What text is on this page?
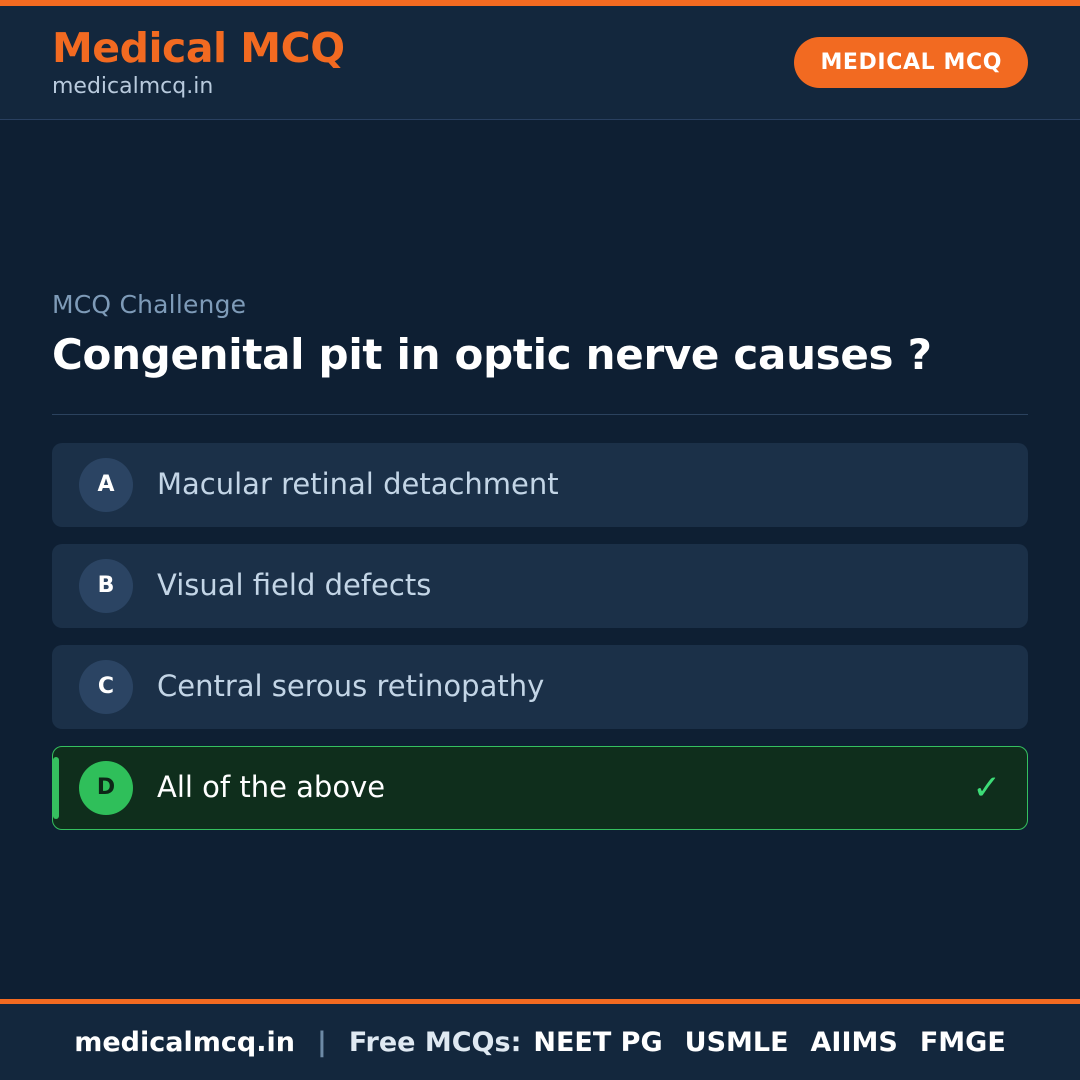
Medical MCQ
medicalmcq.in
MEDICAL MCQ
MCQ Challenge
Congenital pit in optic nerve causes ?
A	Macular retinal detachment
B	Visual field defects
C	Central serous retinopathy
D	All of the above	✓
medicalmcq.in | Free MCQs: NEET PG USMLE AIIMS FMGE
